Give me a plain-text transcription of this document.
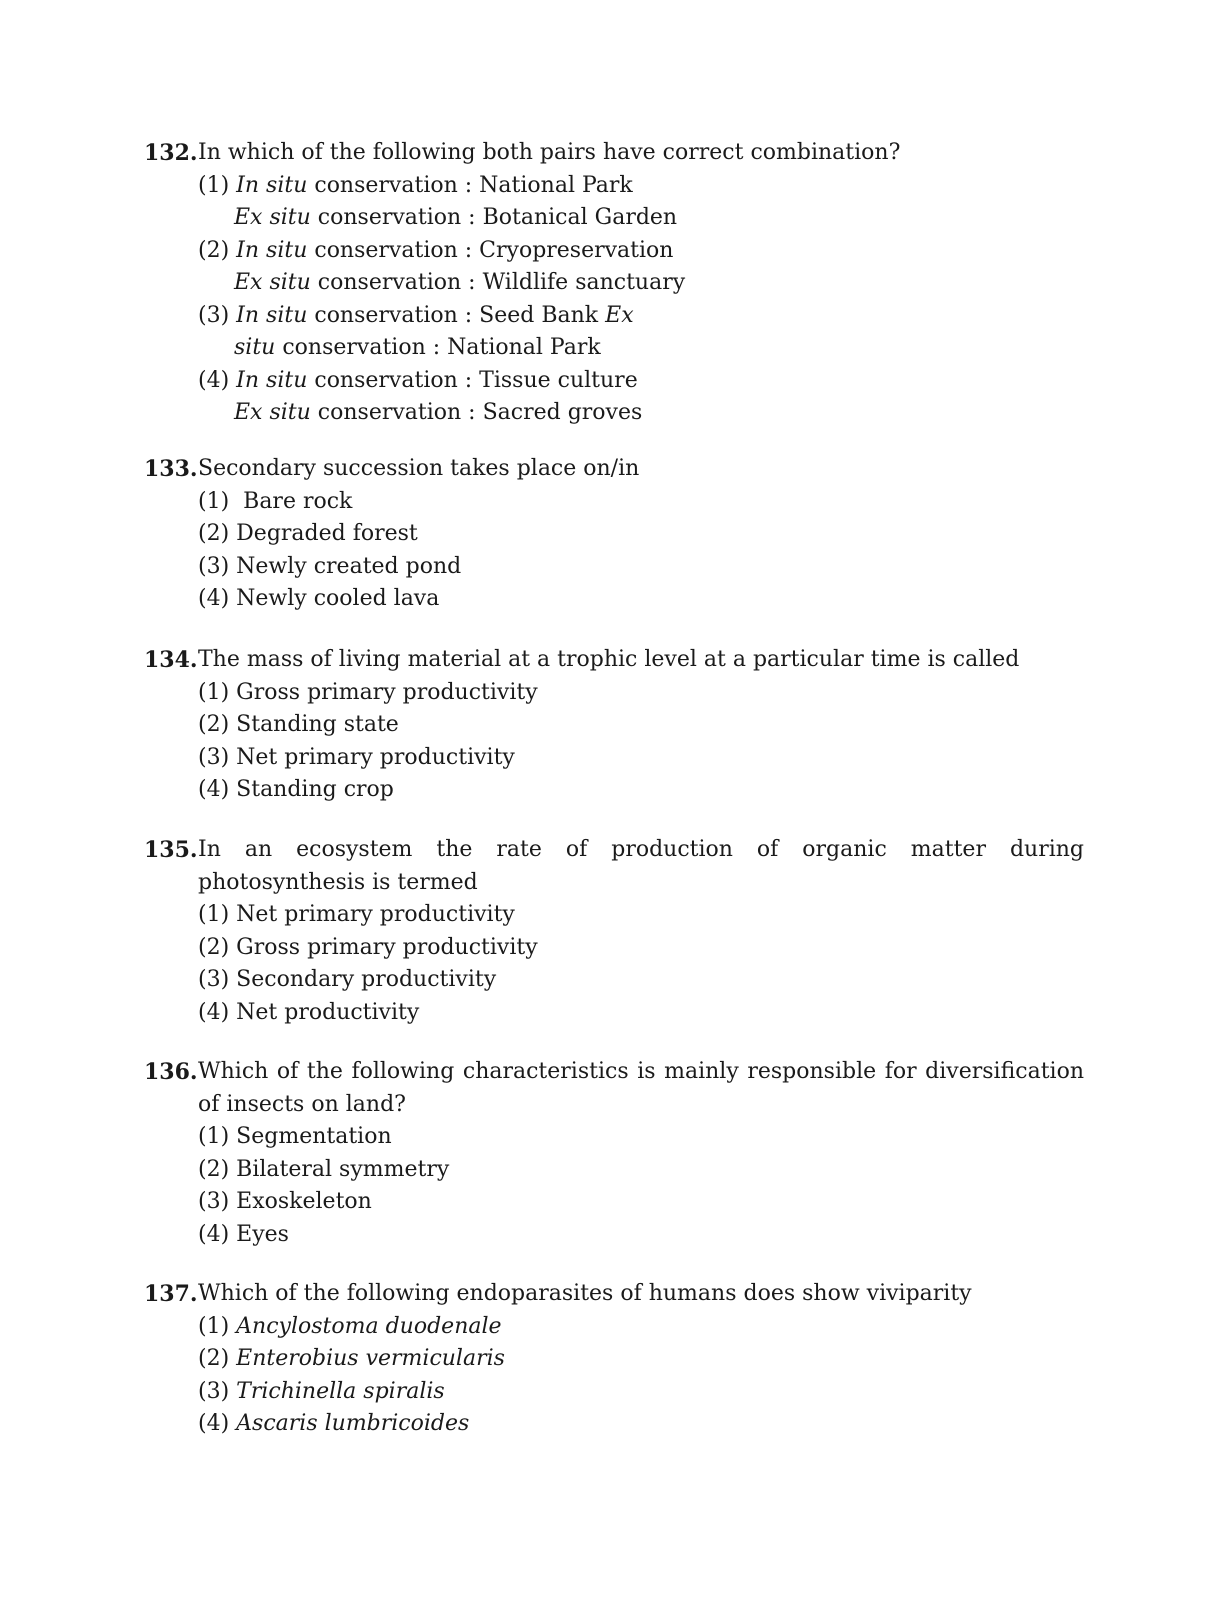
132. In which of the following both pairs have correct combination?
(1) In situ conservation : National Park
Ex situ conservation : Botanical Garden
(2) In situ conservation : Cryopreservation
Ex situ conservation : Wildlife sanctuary
(3) In situ conservation : Seed Bank Ex
situ conservation : National Park
(4) In situ conservation : Tissue culture
Ex situ conservation : Sacred groves
133. Secondary succession takes place on/in
(1)  Bare rock
(2) Degraded forest
(3) Newly created pond
(4) Newly cooled lava
134. The mass of living material at a trophic level at a particular time is called
(1) Gross primary productivity
(2) Standing state
(3) Net primary productivity
(4) Standing crop
135. In an ecosystem the rate of production of organic matter during photosynthesis is termed
(1) Net primary productivity
(2) Gross primary productivity
(3) Secondary productivity
(4) Net productivity
136. Which of the following characteristics is mainly responsible for diversification of insects on land?
(1) Segmentation
(2) Bilateral symmetry
(3) Exoskeleton
(4) Eyes
137. Which of the following endoparasites of humans does show viviparity
(1) Ancylostoma duodenale
(2) Enterobius vermicularis
(3) Trichinella spiralis
(4) Ascaris lumbricoides
